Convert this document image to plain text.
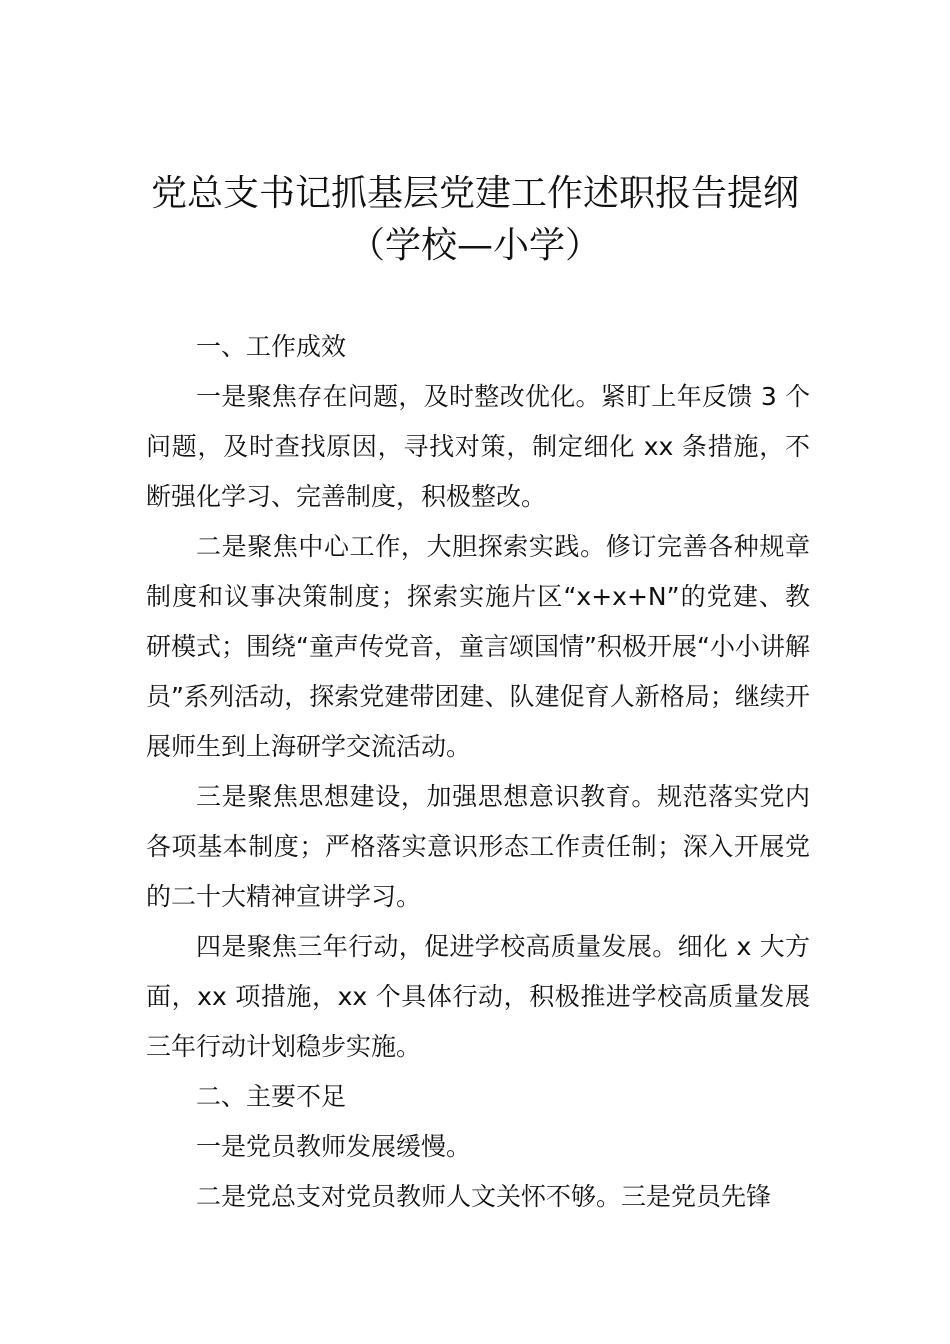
党总支书记抓基层党建工作述职报告提纲
（学校—小学）

一、工作成效

一是聚焦存在问题，及时整改优化。紧盯上年反馈 3 个问题，及时查找原因，寻找对策，制定细化 xx 条措施，不断强化学习、完善制度，积极整改。

二是聚焦中心工作，大胆探索实践。修订完善各种规章制度和议事决策制度；探索实施片区“x+x+N”的党建、教研模式；围绕“童声传党音，童言颂国情”积极开展“小小讲解员”系列活动，探索党建带团建、队建促育人新格局；继续开展师生到上海研学交流活动。

三是聚焦思想建设，加强思想意识教育。规范落实党内各项基本制度；严格落实意识形态工作责任制；深入开展党的二十大精神宣讲学习。

四是聚焦三年行动，促进学校高质量发展。细化 x 大方面，xx 项措施，xx 个具体行动，积极推进学校高质量发展三年行动计划稳步实施。

二、主要不足

一是党员教师发展缓慢。

二是党总支对党员教师人文关怀不够。三是党员先锋
